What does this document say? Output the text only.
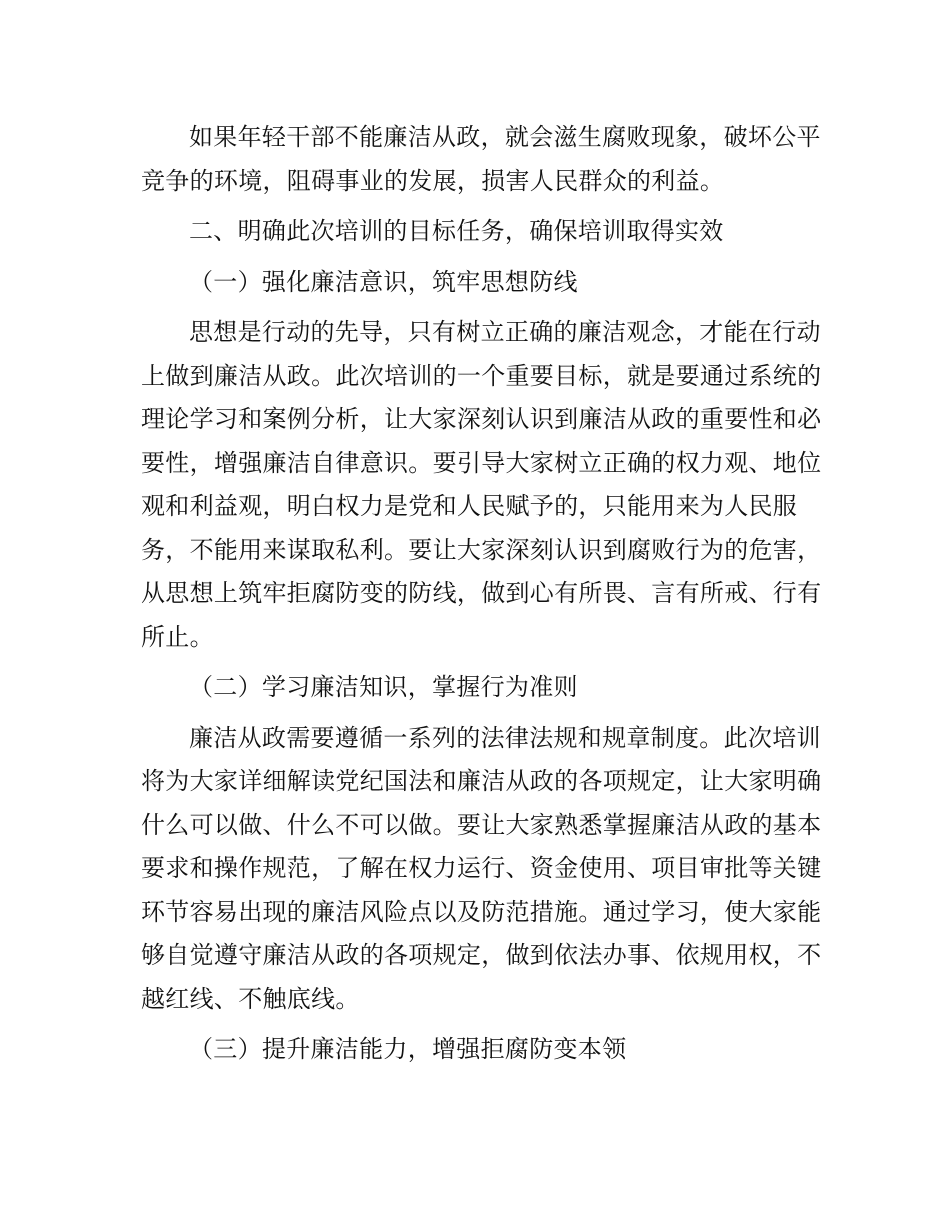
如果年轻干部不能廉洁从政，就会滋生腐败现象，破坏公平竞争的环境，阻碍事业的发展，损害人民群众的利益。

二、明确此次培训的目标任务，确保培训取得实效

（一）强化廉洁意识，筑牢思想防线

思想是行动的先导，只有树立正确的廉洁观念，才能在行动上做到廉洁从政。此次培训的一个重要目标，就是要通过系统的理论学习和案例分析，让大家深刻认识到廉洁从政的重要性和必要性，增强廉洁自律意识。要引导大家树立正确的权力观、地位观和利益观，明白权力是党和人民赋予的，只能用来为人民服务，不能用来谋取私利。要让大家深刻认识到腐败行为的危害，从思想上筑牢拒腐防变的防线，做到心有所畏、言有所戒、行有所止。

（二）学习廉洁知识，掌握行为准则

廉洁从政需要遵循一系列的法律法规和规章制度。此次培训将为大家详细解读党纪国法和廉洁从政的各项规定，让大家明确什么可以做、什么不可以做。要让大家熟悉掌握廉洁从政的基本要求和操作规范，了解在权力运行、资金使用、项目审批等关键环节容易出现的廉洁风险点以及防范措施。通过学习，使大家能够自觉遵守廉洁从政的各项规定，做到依法办事、依规用权，不越红线、不触底线。

（三）提升廉洁能力，增强拒腐防变本领
